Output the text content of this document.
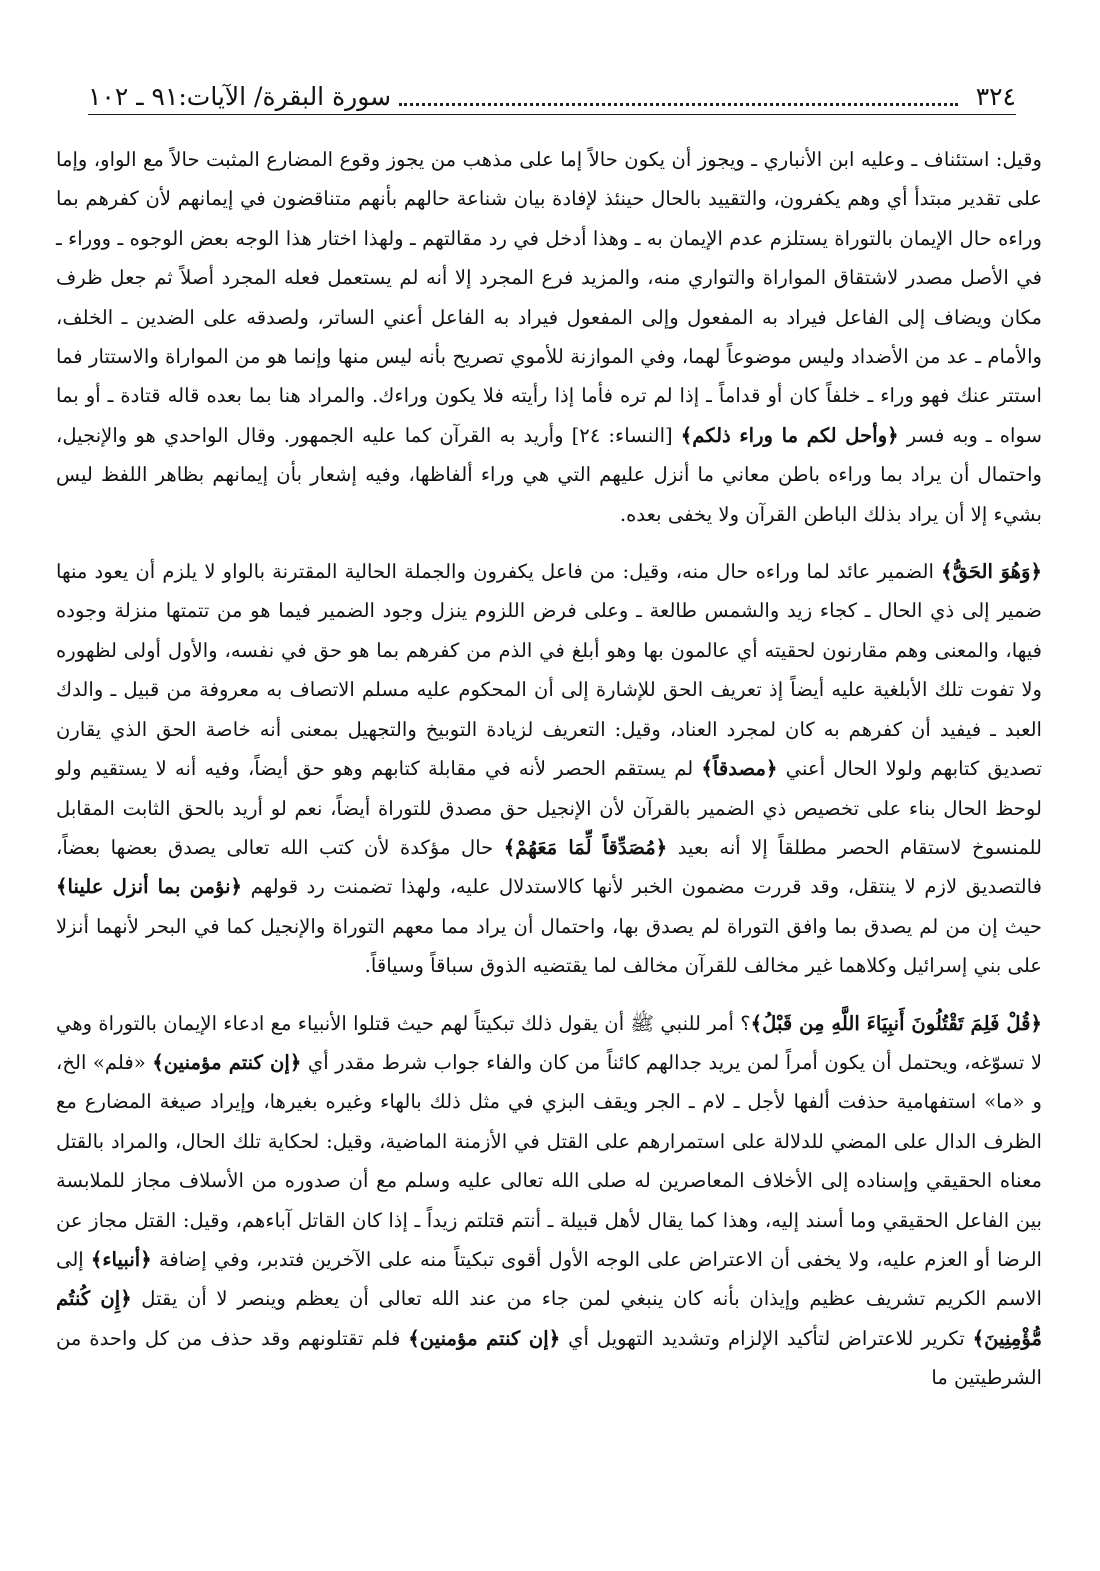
٩١ ـ ١٠٢ سورة البقرة/ الآيات:	٣٢٤

وقيل: استئناف ـ وعليه ابن الأنباري ـ ويجوز أن يكون حالاً إما على مذهب من يجوز وقوع المضارع المثبت حالاً مع الواو، وإما على تقدير مبتدأ أي وهم يكفرون، والتقييد بالحال حينئذ لإفادة بيان شناعة حالهم بأنهم متناقضون في إيمانهم لأن كفرهم بما وراءه حال الإيمان بالتوراة يستلزم عدم الإيمان به ـ وهذا أدخل في رد مقالتهم ـ ولهذا اختار هذا الوجه بعض الوجوه ـ ووراء ـ في الأصل مصدر لاشتقاق المواراة والتواري منه، والمزيد فرع المجرد إلا أنه لم يستعمل فعله المجرد أصلاً ثم جعل ظرف مكان ويضاف إلى الفاعل فيراد به المفعول وإلى المفعول فيراد به الفاعل أعني الساتر، ولصدقه على الضدين ـ الخلف، والأمام ـ عد من الأضداد وليس موضوعاً لهما، وفي الموازنة للأموي تصريح بأنه ليس منها وإنما هو من المواراة والاستتار فما استتر عنك فهو وراء ـ خلفاً كان أو قداماً ـ إذا لم تره فأما إذا رأيته فلا يكون وراءك. والمراد هنا بما بعده قاله قتادة ـ أو بما سواه ـ وبه فسر ﴿وأحل لكم ما وراء ذلكم﴾ [النساء: ٢٤] وأريد به القرآن كما عليه الجمهور. وقال الواحدي هو والإنجيل، واحتمال أن يراد بما وراءه باطن معاني ما أنزل عليهم التي هي وراء ألفاظها، وفيه إشعار بأن إيمانهم بظاهر اللفظ ليس بشيء إلا أن يراد بذلك الباطن القرآن ولا يخفى بعده.

﴿وَهُوَ الحَقُّ﴾ الضمير عائد لما وراءه حال منه، وقيل: من فاعل يكفرون والجملة الحالية المقترنة بالواو لا يلزم أن يعود منها ضمير إلى ذي الحال ـ كجاء زيد والشمس طالعة ـ وعلى فرض اللزوم ينزل وجود الضمير فيما هو من تتمتها منزلة وجوده فيها، والمعنى وهم مقارنون لحقيته أي عالمون بها وهو أبلغ في الذم من كفرهم بما هو حق في نفسه، والأول أولى لظهوره ولا تفوت تلك الأبلغية عليه أيضاً إذ تعريف الحق للإشارة إلى أن المحكوم عليه مسلم الاتصاف به معروفة من قبيل ـ والدك العبد ـ فيفيد أن كفرهم به كان لمجرد العناد، وقيل: التعريف لزيادة التوبيخ والتجهيل بمعنى أنه خاصة الحق الذي يقارن تصديق كتابهم ولولا الحال أعني ﴿مصدقاً﴾ لم يستقم الحصر لأنه في مقابلة كتابهم وهو حق أيضاً، وفيه أنه لا يستقيم ولو لوحظ الحال بناء على تخصيص ذي الضمير بالقرآن لأن الإنجيل حق مصدق للتوراة أيضاً، نعم لو أريد بالحق الثابت المقابل للمنسوخ لاستقام الحصر مطلقاً إلا أنه بعيد ﴿مُصَدِّقاً لِّمَا مَعَهُمْ﴾ حال مؤكدة لأن كتب الله تعالى يصدق بعضها بعضاً، فالتصديق لازم لا ينتقل، وقد قررت مضمون الخبر لأنها كالاستدلال عليه، ولهذا تضمنت رد قولهم ﴿نؤمن بما أنزل علينا﴾ حيث إن من لم يصدق بما وافق التوراة لم يصدق بها، واحتمال أن يراد مما معهم التوراة والإنجيل كما في البحر لأنهما أنزلا على بني إسرائيل وكلاهما غير مخالف للقرآن مخالف لما يقتضيه الذوق سباقاً وسياقاً.

﴿قُلْ فَلِمَ تَقْتُلُونَ أَنبِيَاءَ اللَّهِ مِن قَبْلُ﴾؟ أمر للنبي ﷺ أن يقول ذلك تبكيتاً لهم حيث قتلوا الأنبياء مع ادعاء الإيمان بالتوراة وهي لا تسوّغه، ويحتمل أن يكون أمراً لمن يريد جدالهم كائناً من كان والفاء جواب شرط مقدر أي ﴿إن كنتم مؤمنين﴾ «فلم» الخ، و «ما» استفهامية حذفت ألفها لأجل ـ لام ـ الجر ويقف البزي في مثل ذلك بالهاء وغيره بغيرها، وإيراد صيغة المضارع مع الظرف الدال على المضي للدلالة على استمرارهم على القتل في الأزمنة الماضية، وقيل: لحكاية تلك الحال، والمراد بالقتل معناه الحقيقي وإسناده إلى الأخلاف المعاصرين له صلى الله تعالى عليه وسلم مع أن صدوره من الأسلاف مجاز للملابسة بين الفاعل الحقيقي وما أسند إليه، وهذا كما يقال لأهل قبيلة ـ أنتم قتلتم زيداً ـ إذا كان القاتل آباءهم، وقيل: القتل مجاز عن الرضا أو العزم عليه، ولا يخفى أن الاعتراض على الوجه الأول أقوى تبكيتاً منه على الآخرين فتدبر، وفي إضافة ﴿أنبياء﴾ إلى الاسم الكريم تشريف عظيم وإيذان بأنه كان ينبغي لمن جاء من عند الله تعالى أن يعظم وينصر لا أن يقتل ﴿إِن كُنتُم مُّؤْمِنِينَ﴾ تكرير للاعتراض لتأكيد الإلزام وتشديد التهويل أي ﴿إن كنتم مؤمنين﴾ فلم تقتلونهم وقد حذف من كل واحدة من الشرطيتين ما
